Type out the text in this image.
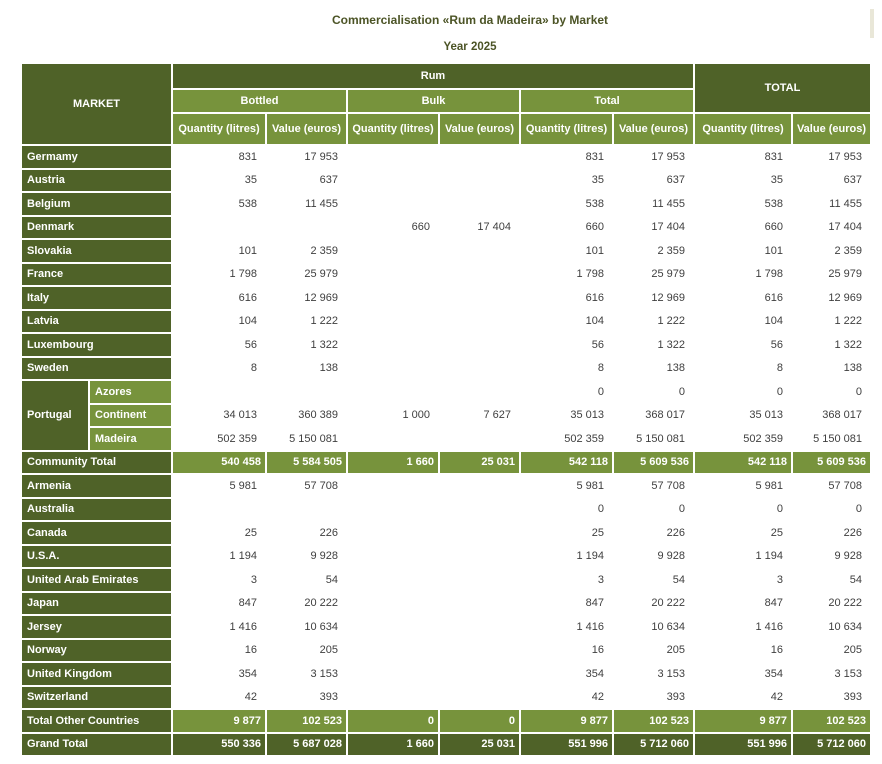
Commercialisation «Rum da Madeira» by Market
Year 2025
MARKET		Rum						TOTAL	
		Bottled		Bulk		Total			
		Quantity (litres)	Value (euros)	Quantity (litres)	Value (euros)	Quantity (litres)	Value (euros)	Quantity (litres)	Value (euros)
Germamy		831	17 953			831	17 953	831	17 953
Austria		35	637			35	637	35	637
Belgium		538	11 455			538	11 455	538	11 455
Denmark				660	17 404	660	17 404	660	17 404
Slovakia		101	2 359			101	2 359	101	2 359
France		1 798	25 979			1 798	25 979	1 798	25 979
Italy		616	12 969			616	12 969	616	12 969
Latvia		104	1 222			104	1 222	104	1 222
Luxembourg		56	1 322			56	1 322	56	1 322
Sweden		8	138			8	138	8	138
Portugal	Azores					0	0	0	0
	Continent	34 013	360 389	1 000	7 627	35 013	368 017	35 013	368 017
	Madeira	502 359	5 150 081			502 359	5 150 081	502 359	5 150 081
Community Total		540 458	5 584 505	1 660	25 031	542 118	5 609 536	542 118	5 609 536
Armenia		5 981	57 708			5 981	57 708	5 981	57 708
Australia						0	0	0	0
Canada		25	226			25	226	25	226
U.S.A.		1 194	9 928			1 194	9 928	1 194	9 928
United Arab Emirates		3	54			3	54	3	54
Japan		847	20 222			847	20 222	847	20 222
Jersey		1 416	10 634			1 416	10 634	1 416	10 634
Norway		16	205			16	205	16	205
United Kingdom		354	3 153			354	3 153	354	3 153
Switzerland		42	393			42	393	42	393
Total Other Countries		9 877	102 523	0	0	9 877	102 523	9 877	102 523
Grand Total		550 336	5 687 028	1 660	25 031	551 996	5 712 060	551 996	5 712 060
